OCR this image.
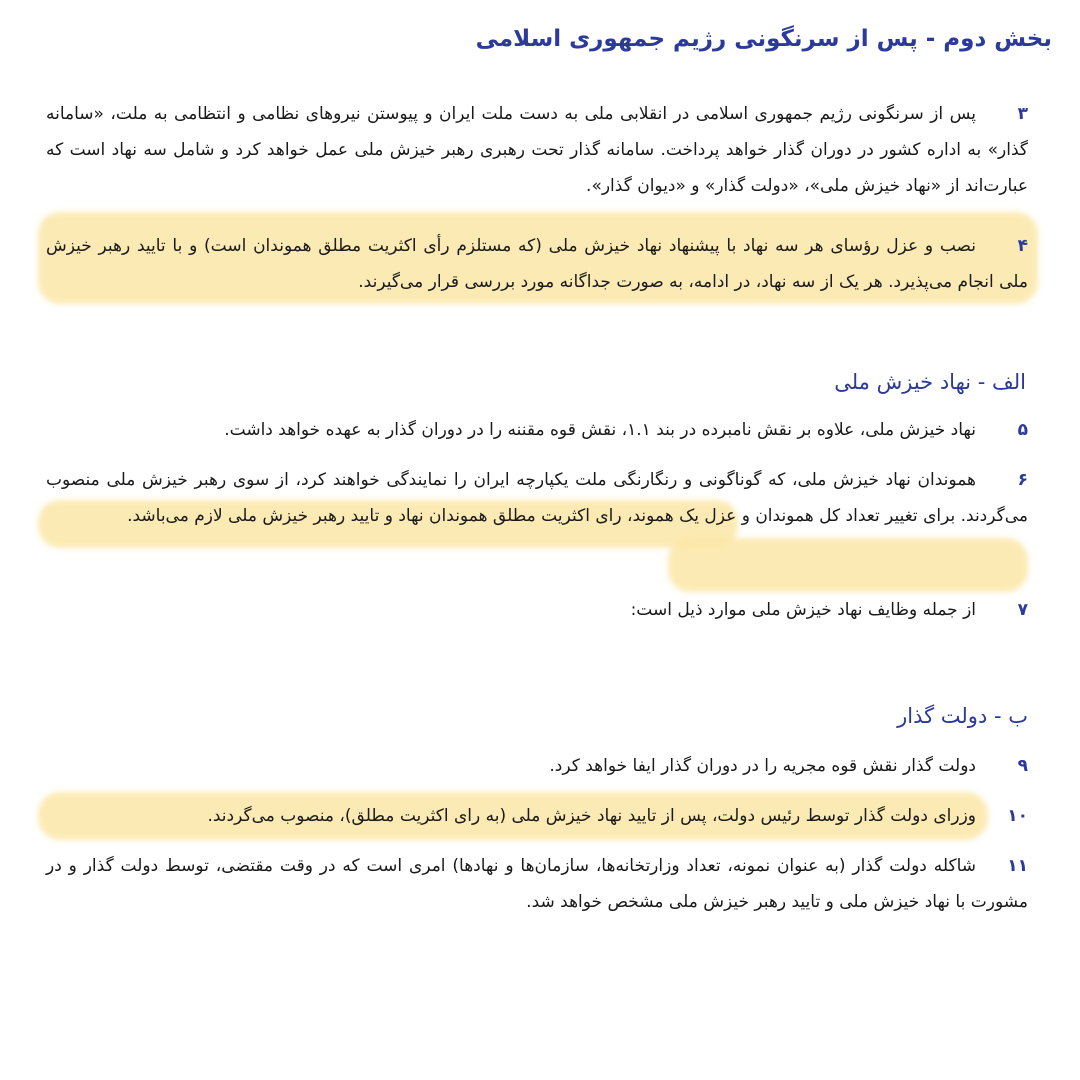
بخش دوم - پس از سرنگونی رژیم جمهوری اسلامی

۳پس از سرنگونی رژیم جمهوری اسلامی در انقلابی ملی به دست ملت ایران و پیوستن نیروهای نظامی و انتظامی به ملت، «سامانه گذار» به اداره کشور در دوران گذار خواهد پرداخت. سامانه گذار تحت رهبری رهبر خیزش ملی عمل خواهد کرد و شامل سه نهاد است که عبارت‌اند از «نهاد خیزش ملی»، «دولت گذار» و «دیوان گذار».

۴نصب و عزل رؤسای هر سه نهاد با پیشنهاد نهاد خیزش ملی (که مستلزم رأی اکثریت مطلق هموندان است) و با تایید رهبر خیزش ملی انجام می‌پذیرد. هر یک از سه نهاد، در ادامه، به صورت جداگانه مورد بررسی قرار می‌گیرند.

الف - نهاد خیزش ملی

۵نهاد خیزش ملی، علاوه بر نقش نامبرده در بند ۱.۱، نقش قوه مقننه را در دوران گذار به عهده خواهد داشت.

۶هموندان نهاد خیزش ملی، که گوناگونی و رنگارنگی ملت یکپارچه ایران را نمایندگی خواهند کرد، از سوی رهبر خیزش ملی منصوب می‌گردند. برای تغییر تعداد کل هموندان و عزل یک هموند، رای اکثریت مطلق هموندان نهاد و تایید رهبر خیزش ملی لازم می‌باشد.

۷از جمله وظایف نهاد خیزش ملی موارد ذیل است:

ب - دولت گذار

۹دولت گذار نقش قوه مجریه را در دوران گذار ایفا خواهد کرد.

۱۰وزرای دولت گذار توسط رئیس دولت، پس از تایید نهاد خیزش ملی (به رای اکثریت مطلق)، منصوب می‌گردند.

۱۱شاکله دولت گذار (به عنوان نمونه، تعداد وزارتخانه‌ها، سازمان‌ها و نهادها) امری است که در وقت مقتضی، توسط دولت گذار و در مشورت با نهاد خیزش ملی و تایید رهبر خیزش ملی مشخص خواهد شد.
